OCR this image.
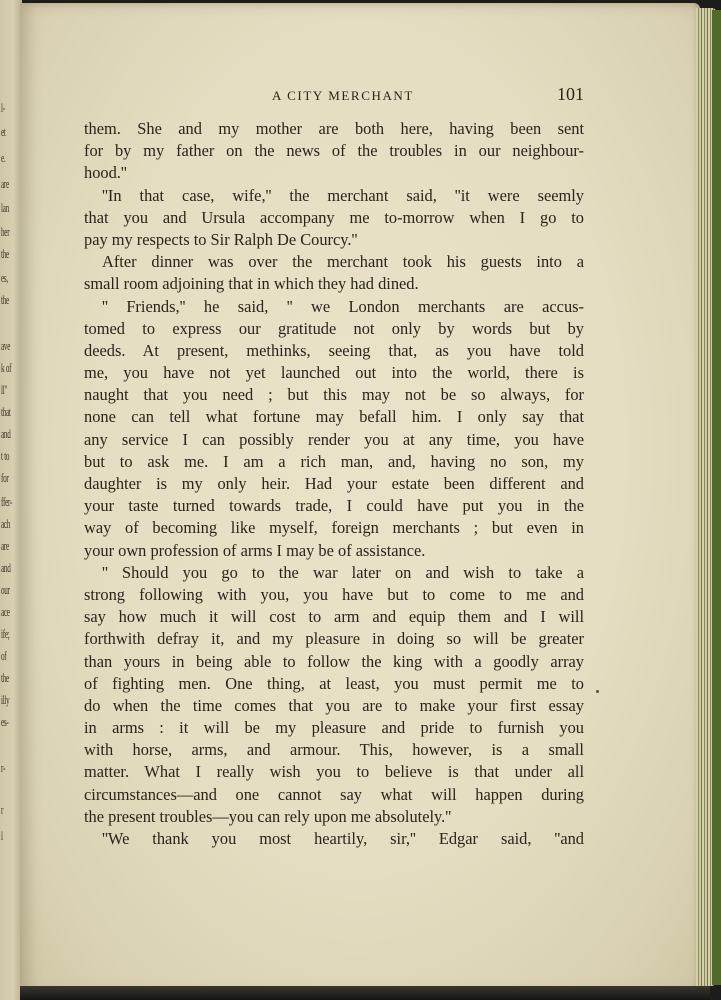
l-
et
e.
are
lan
her
the
es,
the
ave
k of
ll"
that
and
t to
for
ffer-
ach
are
and
our
ace
ife;
of
the
illy
es-
r-
r
l
A CITY MERCHANT	101
them. She and my mother are both here, having been sent
for by my father on the news of the troubles in our neighbour-
hood.''
''In that case, wife,'' the merchant said, ''it were seemly
that you and Ursula accompany me to-morrow when I go to
pay my respects to Sir Ralph De Courcy.''
After dinner was over the merchant took his guests into a
small room adjoining that in which they had dined.
'' Friends,'' he said, '' we London merchants are accus-
tomed to express our gratitude not only by words but by
deeds. At present, methinks, seeing that, as you have told
me, you have not yet launched out into the world, there is
naught that you need ; but this may not be so always, for
none can tell what fortune may befall him. I only say that
any service I can possibly render you at any time, you have
but to ask me. I am a rich man, and, having no son, my
daughter is my only heir. Had your estate been different and
your taste turned towards trade, I could have put you in the
way of becoming like myself, foreign merchants ; but even in
your own profession of arms I may be of assistance.
'' Should you go to the war later on and wish to take a
strong following with you, you have but to come to me and
say how much it will cost to arm and equip them and I will
forthwith defray it, and my pleasure in doing so will be greater
than yours in being able to follow the king with a goodly array
of fighting men. One thing, at least, you must permit me to
do when the time comes that you are to make your first essay
in arms : it will be my pleasure and pride to furnish you
with horse, arms, and armour. This, however, is a small
matter. What I really wish you to believe is that under all
circumstances—and one cannot say what will happen during
the present troubles—you can rely upon me absolutely.''
''We thank you most heartily, sir,'' Edgar said, ''and
